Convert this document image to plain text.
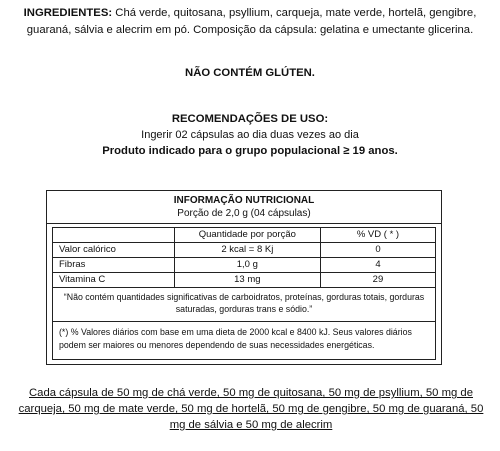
INGREDIENTES: Chá verde, quitosana, psyllium, carqueja, mate verde, hortelã, gengibre, guaraná, sálvia e alecrim em pó. Composição da cápsula: gelatina e umectante glicerina.
NÃO CONTÉM GLÚTEN.
RECOMENDAÇÕES DE USO:
Ingerir 02 cápsulas ao dia duas vezes ao dia
Produto indicado para o grupo populacional ≥ 19 anos.
INFORMAÇÃO NUTRICIONAL
Porção de 2,0 g (04 cápsulas)
	Quantidade por porção	% VD ( * )
Valor calórico	2 kcal = 8 Kj	0
Fibras	1,0 g	4
Vitamina C	13 mg	29
“Não contém quantidades significativas de carboidratos, proteínas, gorduras totais, gorduras saturadas, gorduras trans e sódio.”		
(*) % Valores diários com base em uma dieta de 2000 kcal e 8400 kJ. Seus valores diários podem ser maiores ou menores dependendo de suas necessidades energéticas.		
Cada cápsula de 50 mg de chá verde, 50 mg de quitosana, 50 mg de psyllium, 50 mg de carqueja, 50 mg de mate verde, 50 mg de hortelã, 50 mg de gengibre, 50 mg de guaraná, 50 mg de sálvia e 50 mg de alecrim
